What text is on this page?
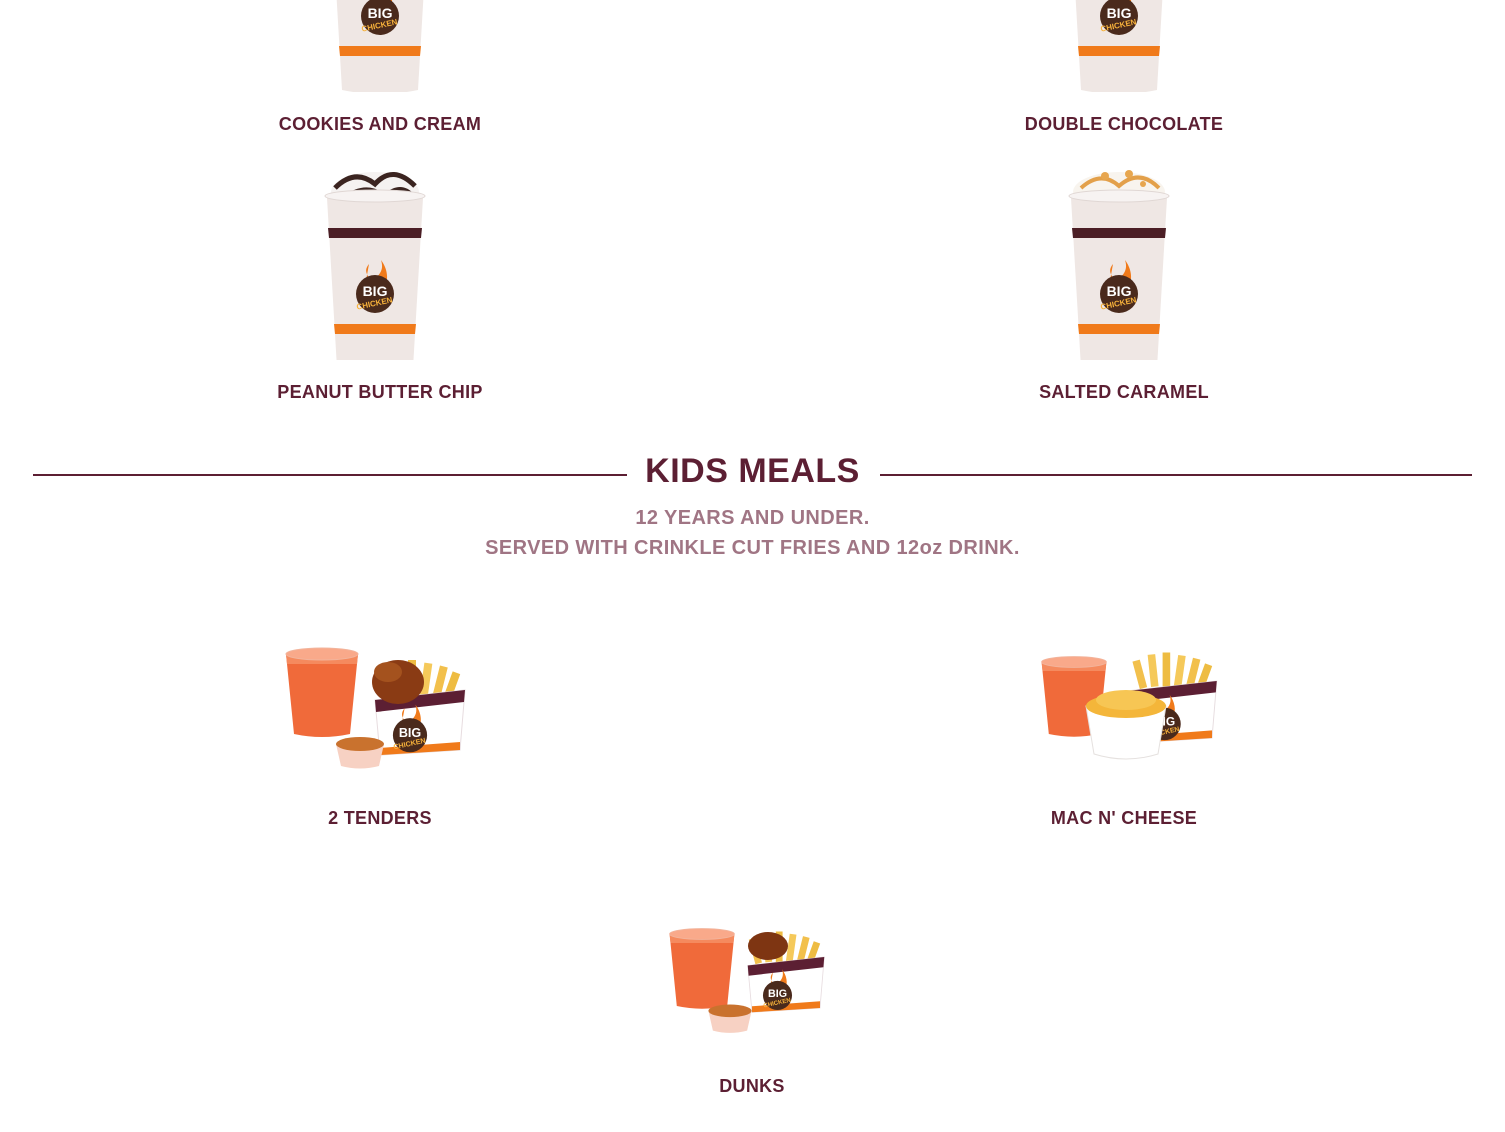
COOKIES AND CREAM	DOUBLE CHOCOLATE
PEANUT BUTTER CHIP	SALTED CARAMEL
KIDS MEALS
12 YEARS AND UNDER.
SERVED WITH CRINKLE CUT FRIES AND 12oz DRINK.
2 TENDERS	MAC N' CHEESE
DUNKS
